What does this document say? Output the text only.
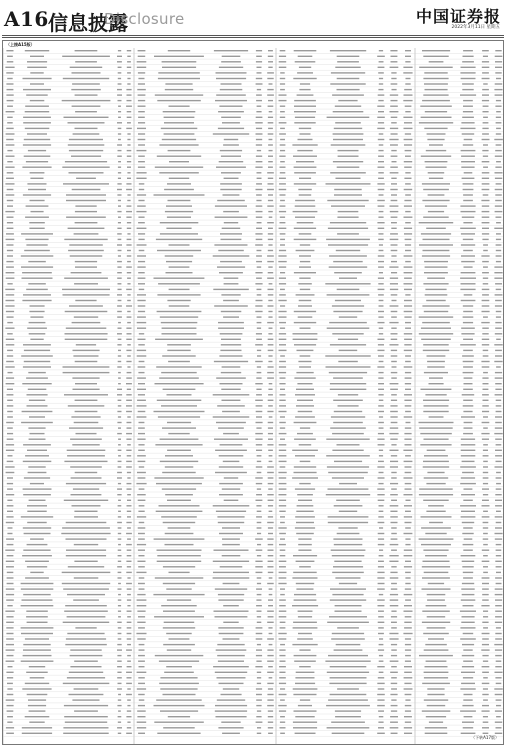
A16 信息披露
Disclosure	中国证券报
2022年3月11日 星期五
（上接A15版）
（下转A17版）
